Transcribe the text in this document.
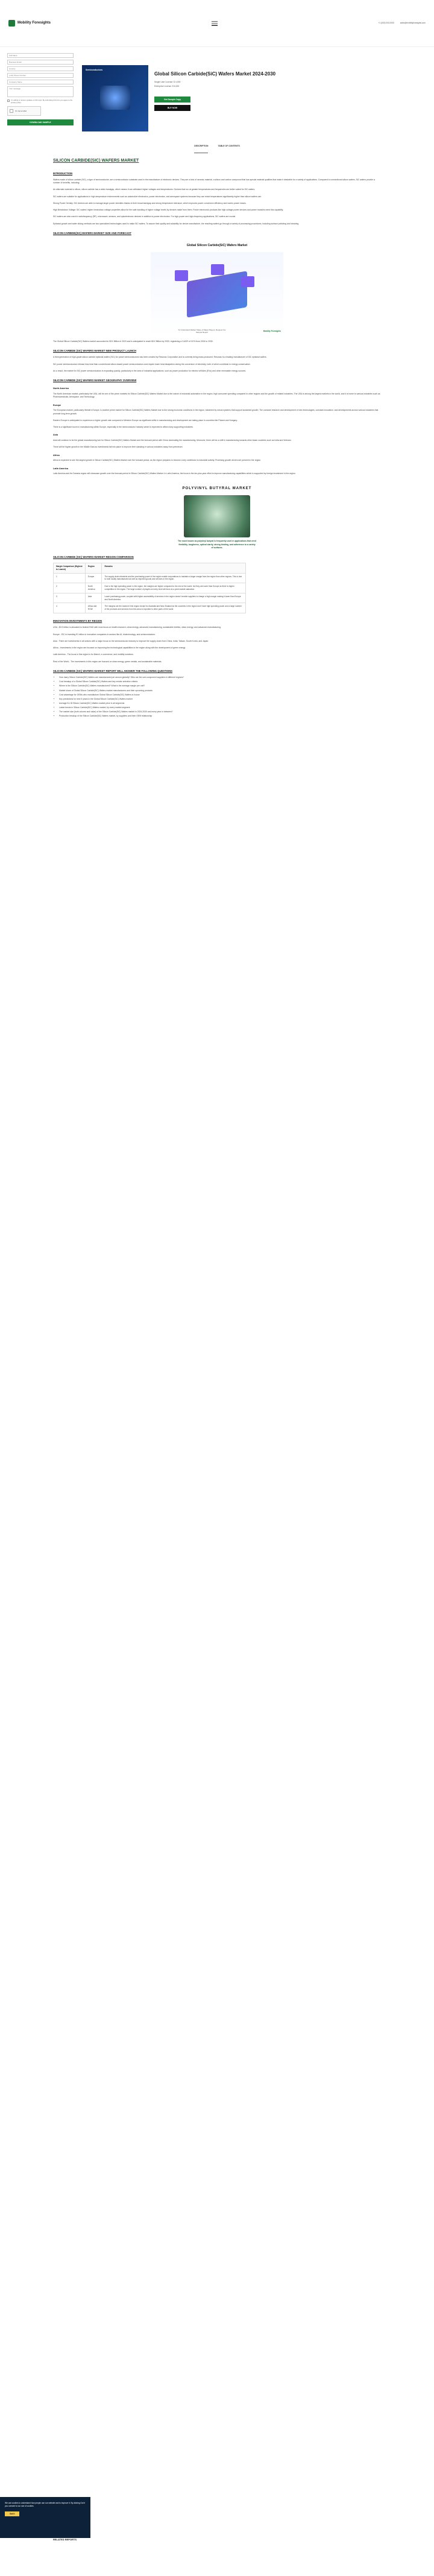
Mobility Foresights	+1 (000) 000-0000	sales@mobilityforesights.com
Full Name
Business Email
Country
(+91) Phone Number
Company Name
Your message
I'm willing to receive updates on this topic. By submitting this form you agree to the privacy policy.
I'm not a robot
DOWNLOAD SAMPLE
Semiconductors
Global Silicon Carbide(SiC) Wafers Market 2024-2030
Single User License: $ 4,000
Enterprise License: $ 6,000
Get Sample Copy
BUY NOW
DESCRIPTION	TABLE OF CONTENTS
SILICON CARBIDE(SIC) WAFERS MARKET
INTRODUCTION

Wafers made of silicon carbide (SiC), a type of semiconductor, are a semiconductor substrate used in the manufacture of electronic devices. They are a kind of ceramic material, a silicon and carbon compound that has special material qualities that make it desirable for a variety of applications. Compared to conventional silicon wafers, SiC wafers provide a number of benefits, including:

An alternate material to silicon, silicon carbide has a wider bandgap, which means it can withstand higher voltages and temperatures. Devices that run at greater temperatures and frequencies are better suited for SiC wafers.

SiC wafers are suitable for applications in high-temperature environments such as automotive electronics, power electronics, and aerospace systems because they can resist temperatures significantly higher than silicon wafers can.

Strong Power Density: SiC devices are able to manage larger power densities thanks to their broad bandgap and strong temperature tolerance, which improves power conversion efficiency and lowers power losses.

High Breakdown Voltage: SiC wafers' higher breakdown voltage properties allow for the safe handling of higher voltage levels by devices made from them. Power electronics products like high-voltage power devices and power modules need this capability.

SiC wafers are also used in radiofrequency (RF), microwave, sensors, and optoelectronic devices in addition to power electronics. For high-power and high-frequency applications, SiC wafers are crucial.

Epitaxial growth and wafer slicing methods are two specialized technologies used to make SiC wafers. To assure their quality and suitability for device manufacture, the resulting wafers go through a variety of processing procedures, including surface polishing and cleaning.

SILICON CARBIDE(SIC) WAFERS MARKET SIZE AND FORECAST
Global Silicon Carbide(SiC) Wafers Market
To Understand Market Share of Major Players, Request For Sample Report
Mobility Foresights

The Global Silicon Carbide(SiC) Wafers market accounted for $XX Billion in 2023 and is anticipated to reach $XX Billion by 2030, registering a CAGR of XX% from 2024 to 2030.

SILICON CARBIDE (SIC) WAFERS MARKET NEW PRODUCT LAUNCH

A third generation of high-grade silicon carbide epitaxial wafers (SiC) for power semiconductors has been created by Resonac Corporation and is currently being mass-produced. Resonac is a leading manufacturer of SiC epitaxial wafers.

SiC power semiconductors release less heat than conventional silicon-based power semiconductors and require lower heat dissipation during the conversion of electricity, both of which contribute to energy conservation.

As a result, the market for SiC power semiconductors is expanding quickly, particularly in the area of industrial applications, such as power production for electric vehicles (EVs) and other renewable energy sources.

SILICON CARBIDE (SIC) WAFERS MARKET GEOGRAPHY OVERVIEW
North America

The North American market, particularly the USA, will be one of the prime markets for Silicon Carbide(SiC) Wafers Market due to the nature of industrial automation in the region, high consumer spending compared to other regions and the growth of related industries. The USA is among the largest markets in the world, and it is home to various industries such as Pharmaceuticals, Aerospace, and Technology.

Europe

The European market, particularly Western Europe, is another prime market for Silicon Carbide(SiC) Wafers Market due to the strong economic conditions in the region, bolstered by robust systems that support sustained growth. The constant research and development of new technologies, constant innovation, and developments across various industries that promote long-term growth.

Eastern Europe is anticipated to experience a higher growth rate compared to Western Europe as significant shifts in manufacturing and development are taking place in countries like Poland and Hungary.

There is a significant boom in manufacturing within Europe, especially in the semiconductor industry which is expected to affect many supporting industries.

Asia

Asia will continue to be the global manufacturing hub for Silicon Carbide(SiC) Wafers Market and the forecast period with China dominating the manufacturing. Moreover, there will be a shift in manufacturing towards other Asian countries such as India and Vietnam.

There will be higher growth in the Middle East as investments fall into place to improve their standing in various industries away from petroleum.

Africa

Africa is expected to see the largest growth in Silicon Carbide(SiC) Wafers Market over the forecast period, as the region prepares to become a key contributor to industrial activity. Promising growth drivers are present in the region.

Latin America

Latin America and its Oceania region will showcase growth over the forecast period in Silicon Carbide(SiC) Wafers Market. In Latin America, the focus is the ten-plus-year effort to improve manufacturing capabilities which is supported by foreign investment in the region.

POLYVINYL BUTYRAL MARKET
The most known as polyvinyl butyral is frequently used in applications that need flexibility, toughness, optical clarity, strong binding, and adherence to a variety of surfaces.
SILICON CARBIDE (SIC) WAFERS MARKET REGION COMPARISON
Margin Comparison (Highest to Lowest)	Region	Remarks
1	Europe	The supply chain elements and the purchasing power in the region enable corporations to maintain a larger margin from the region than other regions. This is due to both locally manufactured as well as imported goods and services in the region.
2	North America	Due to the high spending power in the region, the margins are higher compared to the rest of the world, but they are lower than Europe as there is higher competition in the region. The large number of players at every level will force at a point market saturation.
3	Asia	Lower purchasing power, coupled with higher accessibility of services in the region doesn't enable suppliers to charge a high margin making it lower than Europe and North America.
4	Africa and ROW	The margins are the lowest in this region except for Australia and New Zealand as the countries in the region don't have high spending power and a large number of the products and services from this area is exported to other parts of the world.
INNOVATION INVESTMENTS BY REGION

USA - $3.9 trillion is allocated to federal R&D with most focus on health research, clean energy, advanced manufacturing, sustainable textiles, clean energy, and advanced manufacturing.

Europe - EIC is investing €1 billion in innovative companies in sectors like AI, biotechnology, and semiconductors.

Asia - There are investments in all sectors with a major focus on the semiconductor industry to improve the supply chain from China, India, Taiwan, South Korea, and Japan.

Africa - Investments in the region are focused on improving the technological capabilities in the region along with the development of green energy.

Latin America - The focus in this region is for fintech, e-commerce, and mobility solutions.

Rest of the World - The investments in this region are focused on clean energy, green metals, and sustainable materials.

SILICON CARBIDE (SIC) WAFERS MARKET REPORT WILL ANSWER THE FOLLOWING QUESTIONS
• How many Silicon Carbide(SiC) Wafers are manufactured per annum globally? Who are the sub-component suppliers in different regions?
• Cost breakup of a Global Silicon Carbide(SiC) Wafers and key vendor selection criteria
• Where is the Silicon Carbide(SiC) Wafers manufactured? What is the average margin per unit?
• Market share of Global Silicon Carbide(SiC) Wafers market manufacturers and their upcoming products
• Cost advantage for OEMs who manufacture Global Silicon Carbide(SiC) Wafers in-house
• Key predictions for next 5 years in the Global Silicon Carbide(SiC) Wafers market
• Average B-2-B Silicon Carbide(SiC) Wafers market price in all segments
• Latest trends in Silicon Carbide(SiC) Wafers market, by every market segment
• The market size (both volume and value) of the Silicon Carbide(SiC) Wafers market in 2024-2030 and every year in between?
• Production breakup of the Silicon Carbide(SiC) Wafers market, by suppliers and their OEM relationship
We use cookies to understand how people use our website and to improve it. By clicking Got it you consent to our use of cookies.
Got it
RELATED REPORTS
